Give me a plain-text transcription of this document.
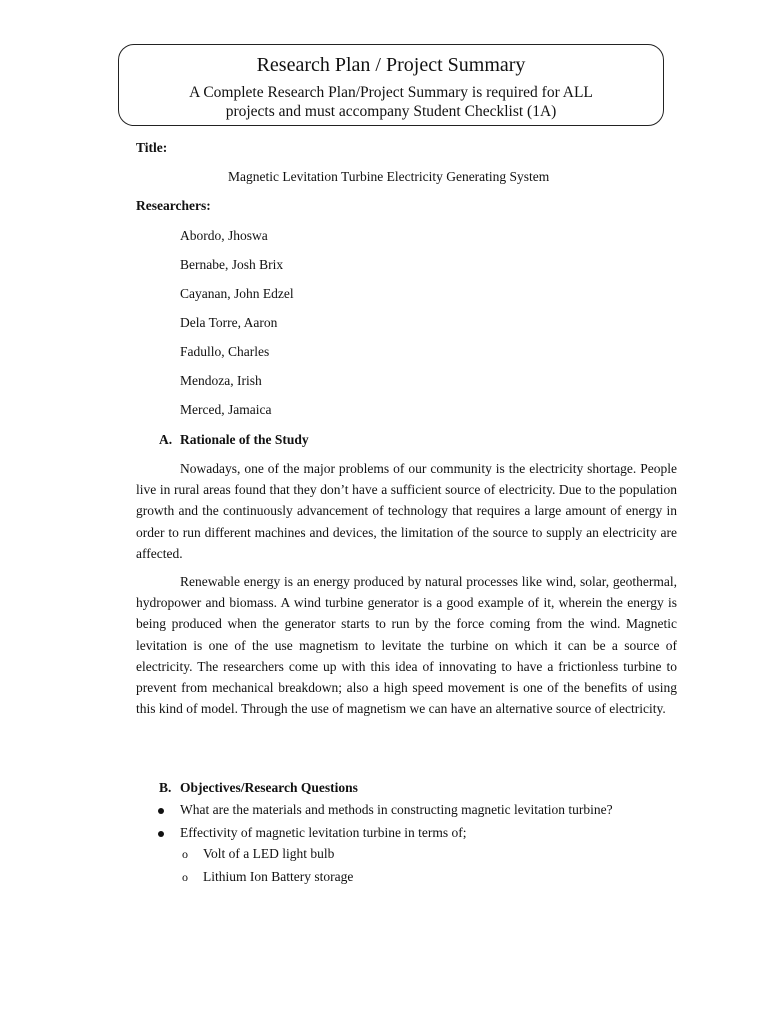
Research Plan / Project Summary
A Complete Research Plan/Project Summary is required for ALL
projects and must accompany Student Checklist (1A)
Title:
Magnetic Levitation Turbine Electricity Generating System
Researchers:
Abordo, Jhoswa
Bernabe, Josh Brix
Cayanan, John Edzel
Dela Torre, Aaron
Fadullo, Charles
Mendoza, Irish
Merced, Jamaica
A. Rationale of the Study
Nowadays, one of the major problems of our community is the electricity shortage. People live in rural areas found that they don’t have a sufficient source of electricity. Due to the population growth and the continuously advancement of technology that requires a large amount of energy in order to run different machines and devices, the limitation of the source to supply an electricity are affected.
Renewable energy is an energy produced by natural processes like wind, solar, geothermal, hydropower and biomass. A wind turbine generator is a good example of it, wherein the energy is being produced when the generator starts to run by the force coming from the wind. Magnetic levitation is one of the use magnetism to levitate the turbine on which it can be a source of electricity. The researchers come up with this idea of innovating to have a frictionless turbine to prevent from mechanical breakdown; also a high speed movement is one of the benefits of using this kind of model. Through the use of magnetism we can have an alternative source of electricity.
B. Objectives/Research Questions
What are the materials and methods in constructing magnetic levitation turbine?
Effectivity of magnetic levitation turbine in terms of;
o Volt of a LED light bulb
o Lithium Ion Battery storage
